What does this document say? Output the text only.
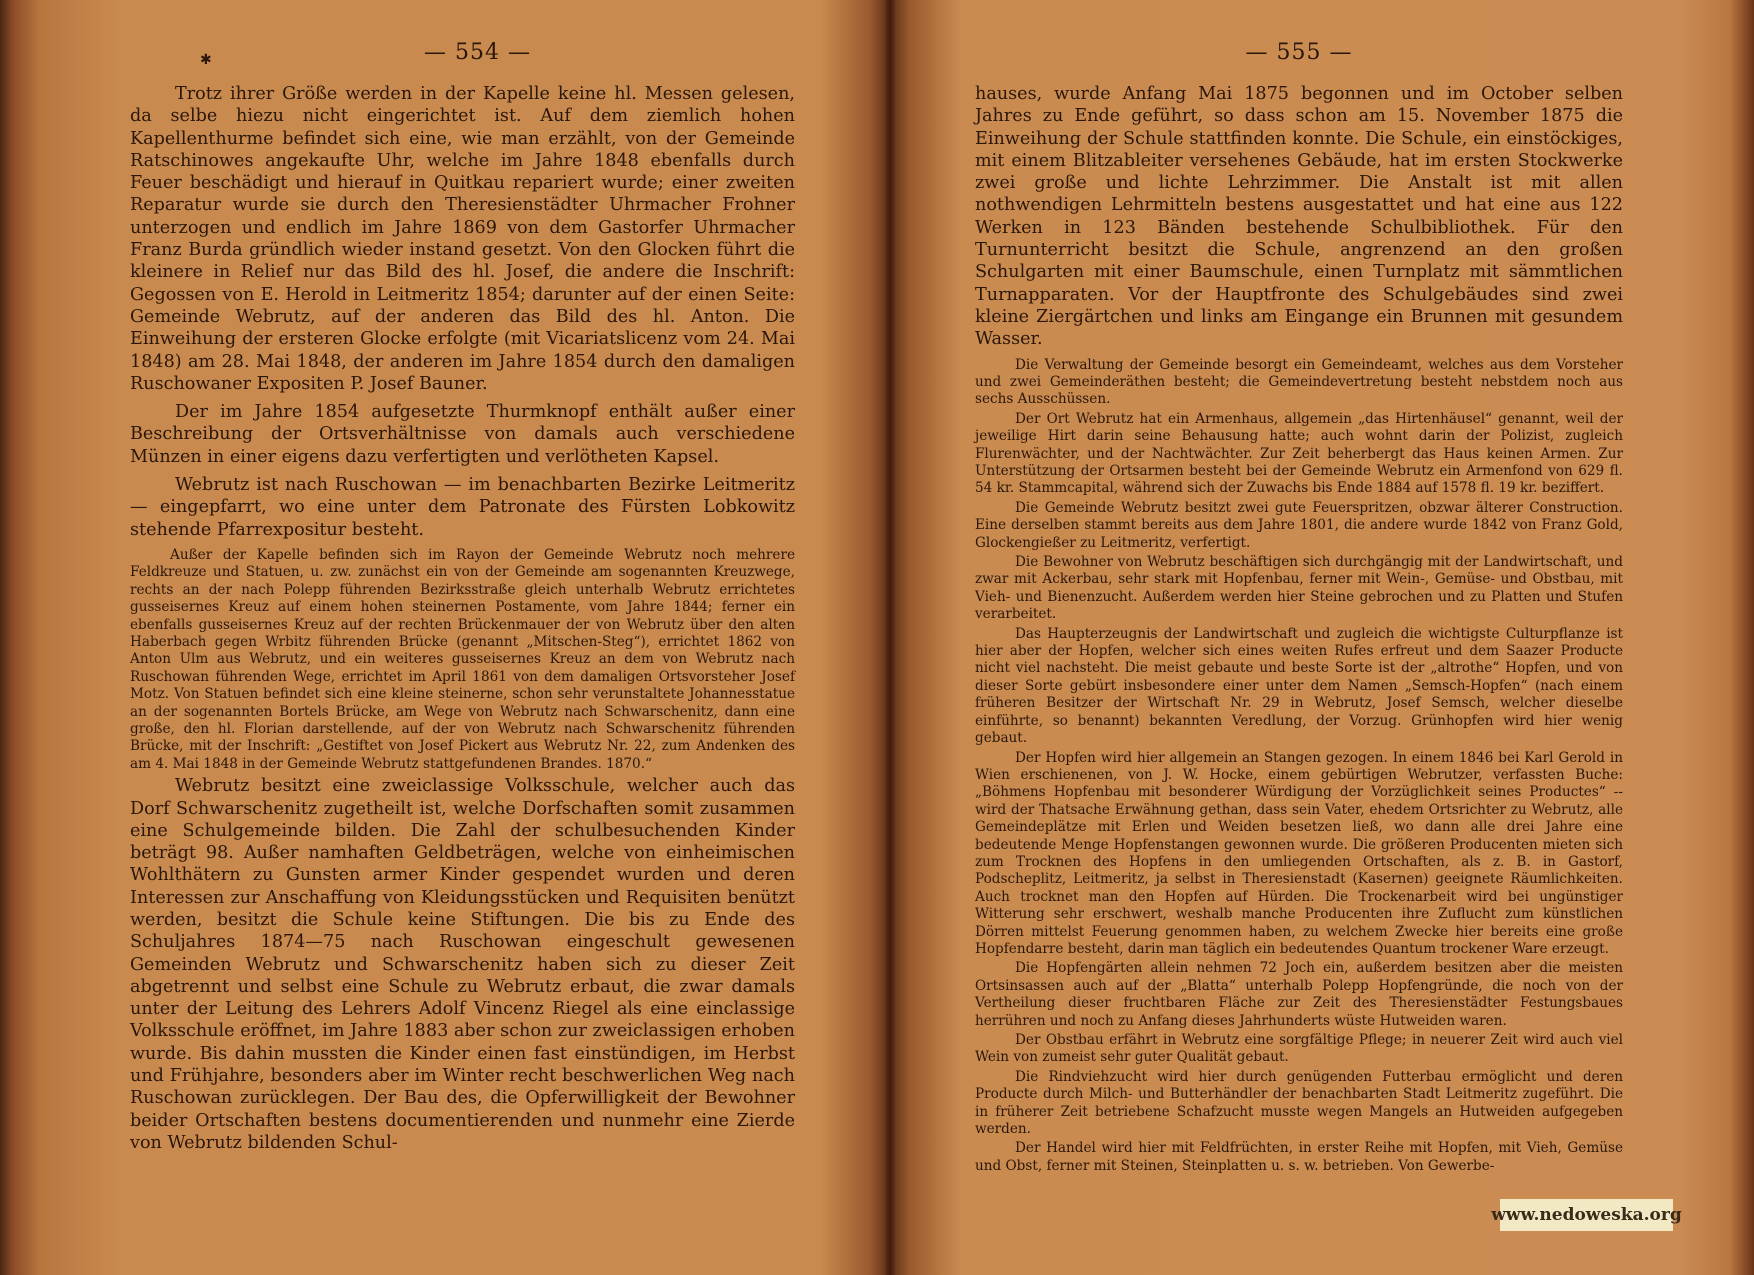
✱	— 554 —

Trotz ihrer Größe werden in der Kapelle keine hl. Messen gelesen, da selbe hiezu nicht eingerichtet ist. Auf dem ziemlich hohen Kapellenthurme befindet sich eine, wie man erzählt, von der Gemeinde Ratschinowes angekaufte Uhr, welche im Jahre 1848 ebenfalls durch Feuer beschädigt und hierauf in Quitkau repariert wurde; einer zweiten Reparatur wurde sie durch den Theresienstädter Uhrmacher Frohner unterzogen und endlich im Jahre 1869 von dem Gastorfer Uhrmacher Franz Burda gründlich wieder instand gesetzt. Von den Glocken führt die kleinere in Relief nur das Bild des hl. Josef, die andere die Inschrift: Gegossen von E. Herold in Leitmeritz 1854; darunter auf der einen Seite: Gemeinde Webrutz, auf der anderen das Bild des hl. Anton. Die Einweihung der ersteren Glocke erfolgte (mit Vicariatslicenz vom 24. Mai 1848) am 28. Mai 1848, der anderen im Jahre 1854 durch den damaligen Ruschowaner Expositen P. Josef Bauner.

Der im Jahre 1854 aufgesetzte Thurmknopf enthält außer einer Beschreibung der Ortsverhältnisse von damals auch verschiedene Münzen in einer eigens dazu verfertigten und verlötheten Kapsel.

Webrutz ist nach Ruschowan — im benachbarten Bezirke Leitmeritz — eingepfarrt, wo eine unter dem Patronate des Fürsten Lobkowitz stehende Pfarrexpositur besteht.

Außer der Kapelle befinden sich im Rayon der Gemeinde Webrutz noch mehrere Feldkreuze und Statuen, u. zw. zunächst ein von der Gemeinde am sogenannten Kreuzwege, rechts an der nach Polepp führenden Bezirksstraße gleich unterhalb Webrutz errichtetes gusseisernes Kreuz auf einem hohen steinernen Postamente, vom Jahre 1844; ferner ein ebenfalls gusseisernes Kreuz auf der rechten Brückenmauer der von Webrutz über den alten Haberbach gegen Wrbitz führenden Brücke (genannt „Mitschen-Steg“), errichtet 1862 von Anton Ulm aus Webrutz, und ein weiteres gusseisernes Kreuz an dem von Webrutz nach Ruschowan führenden Wege, errichtet im April 1861 von dem damaligen Ortsvorsteher Josef Motz. Von Statuen befindet sich eine kleine steinerne, schon sehr verunstaltete Johannesstatue an der sogenannten Bortels Brücke, am Wege von Webrutz nach Schwarschenitz, dann eine große, den hl. Florian darstellende, auf der von Webrutz nach Schwarschenitz führenden Brücke, mit der Inschrift: „Gestiftet von Josef Pickert aus Webrutz Nr. 22, zum Andenken des am 4. Mai 1848 in der Gemeinde Webrutz stattgefundenen Brandes. 1870.“

Webrutz besitzt eine zweiclassige Volksschule, welcher auch das Dorf Schwarschenitz zugetheilt ist, welche Dorfschaften somit zusammen eine Schulgemeinde bilden. Die Zahl der schulbesuchenden Kinder beträgt 98. Außer namhaften Geldbeträgen, welche von einheimischen Wohlthätern zu Gunsten armer Kinder gespendet wurden und deren Interessen zur Anschaffung von Kleidungsstücken und Requisiten benützt werden, besitzt die Schule keine Stiftungen. Die bis zu Ende des Schuljahres 1874—75 nach Ruschowan eingeschult gewesenen Gemeinden Webrutz und Schwarschenitz haben sich zu dieser Zeit abgetrennt und selbst eine Schule zu Webrutz erbaut, die zwar damals unter der Leitung des Lehrers Adolf Vincenz Riegel als eine einclassige Volksschule eröffnet, im Jahre 1883 aber schon zur zweiclassigen erhoben wurde. Bis dahin mussten die Kinder einen fast einstündigen, im Herbst und Frühjahre, besonders aber im Winter recht beschwerlichen Weg nach Ruschowan zurücklegen. Der Bau des, die Opferwilligkeit der Bewohner beider Ortschaften bestens documentierenden und nunmehr eine Zierde von Webrutz bildenden Schul-

— 555 —

hauses, wurde Anfang Mai 1875 begonnen und im October selben Jahres zu Ende geführt, so dass schon am 15. November 1875 die Einweihung der Schule stattfinden konnte. Die Schule, ein einstöckiges, mit einem Blitzableiter versehenes Gebäude, hat im ersten Stockwerke zwei große und lichte Lehrzimmer. Die Anstalt ist mit allen nothwendigen Lehrmitteln bestens ausgestattet und hat eine aus 122 Werken in 123 Bänden bestehende Schulbibliothek. Für den Turnunterricht besitzt die Schule, angrenzend an den großen Schulgarten mit einer Baumschule, einen Turnplatz mit sämmtlichen Turnapparaten. Vor der Hauptfronte des Schulgebäudes sind zwei kleine Ziergärtchen und links am Eingange ein Brunnen mit gesundem Wasser.

Die Verwaltung der Gemeinde besorgt ein Gemeindeamt, welches aus dem Vorsteher und zwei Gemeinderäthen besteht; die Gemeindevertretung besteht nebstdem noch aus sechs Ausschüssen.

Der Ort Webrutz hat ein Armenhaus, allgemein „das Hirtenhäusel“ genannt, weil der jeweilige Hirt darin seine Behausung hatte; auch wohnt darin der Polizist, zugleich Flurenwächter, und der Nachtwächter. Zur Zeit beherbergt das Haus keinen Armen. Zur Unterstützung der Ortsarmen besteht bei der Gemeinde Webrutz ein Armenfond von 629 fl. 54 kr. Stammcapital, während sich der Zuwachs bis Ende 1884 auf 1578 fl. 19 kr. beziffert.

Die Gemeinde Webrutz besitzt zwei gute Feuerspritzen, obzwar älterer Construction. Eine derselben stammt bereits aus dem Jahre 1801, die andere wurde 1842 von Franz Gold, Glockengießer zu Leitmeritz, verfertigt.

Die Bewohner von Webrutz beschäftigen sich durchgängig mit der Landwirtschaft, und zwar mit Ackerbau, sehr stark mit Hopfenbau, ferner mit Wein-, Gemüse- und Obstbau, mit Vieh- und Bienenzucht. Außerdem werden hier Steine gebrochen und zu Platten und Stufen verarbeitet.

Das Haupterzeugnis der Landwirtschaft und zugleich die wichtigste Culturpflanze ist hier aber der Hopfen, welcher sich eines weiten Rufes erfreut und dem Saazer Producte nicht viel nachsteht. Die meist gebaute und beste Sorte ist der „altrothe“ Hopfen, und von dieser Sorte gebürt insbesondere einer unter dem Namen „Semsch-Hopfen“ (nach einem früheren Besitzer der Wirtschaft Nr. 29 in Webrutz, Josef Semsch, welcher dieselbe einführte, so benannt) bekannten Veredlung, der Vorzug. Grünhopfen wird hier wenig gebaut.

Der Hopfen wird hier allgemein an Stangen gezogen. In einem 1846 bei Karl Gerold in Wien erschienenen, von J. W. Hocke, einem gebürtigen Webrutzer, verfassten Buche: „Böhmens Hopfenbau mit besonderer Würdigung der Vorzüglichkeit seines Productes“ -- wird der Thatsache Erwähnung gethan, dass sein Vater, ehedem Ortsrichter zu Webrutz, alle Gemeindeplätze mit Erlen und Weiden besetzen ließ, wo dann alle drei Jahre eine bedeutende Menge Hopfenstangen gewonnen wurde. Die größeren Producenten mieten sich zum Trocknen des Hopfens in den umliegenden Ortschaften, als z. B. in Gastorf, Podscheplitz, Leitmeritz, ja selbst in Theresienstadt (Kasernen) geeignete Räumlichkeiten. Auch trocknet man den Hopfen auf Hürden. Die Trockenarbeit wird bei ungünstiger Witterung sehr erschwert, weshalb manche Producenten ihre Zuflucht zum künstlichen Dörren mittelst Feuerung genommen haben, zu welchem Zwecke hier bereits eine große Hopfendarre besteht, darin man täglich ein bedeutendes Quantum trockener Ware erzeugt.

Die Hopfengärten allein nehmen 72 Joch ein, außerdem besitzen aber die meisten Ortsinsassen auch auf der „Blatta“ unterhalb Polepp Hopfengründe, die noch von der Vertheilung dieser fruchtbaren Fläche zur Zeit des Theresienstädter Festungsbaues herrühren und noch zu Anfang dieses Jahrhunderts wüste Hutweiden waren.

Der Obstbau erfährt in Webrutz eine sorgfältige Pflege; in neuerer Zeit wird auch viel Wein von zumeist sehr guter Qualität gebaut.

Die Rindviehzucht wird hier durch genügenden Futterbau ermöglicht und deren Producte durch Milch- und Butterhändler der benachbarten Stadt Leitmeritz zugeführt. Die in früherer Zeit betriebene Schafzucht musste wegen Mangels an Hutweiden aufgegeben werden.

Der Handel wird hier mit Feldfrüchten, in erster Reihe mit Hopfen, mit Vieh, Gemüse und Obst, ferner mit Steinen, Steinplatten u. s. w. betrieben. Von Gewerbe-

www.nedoweska.org
